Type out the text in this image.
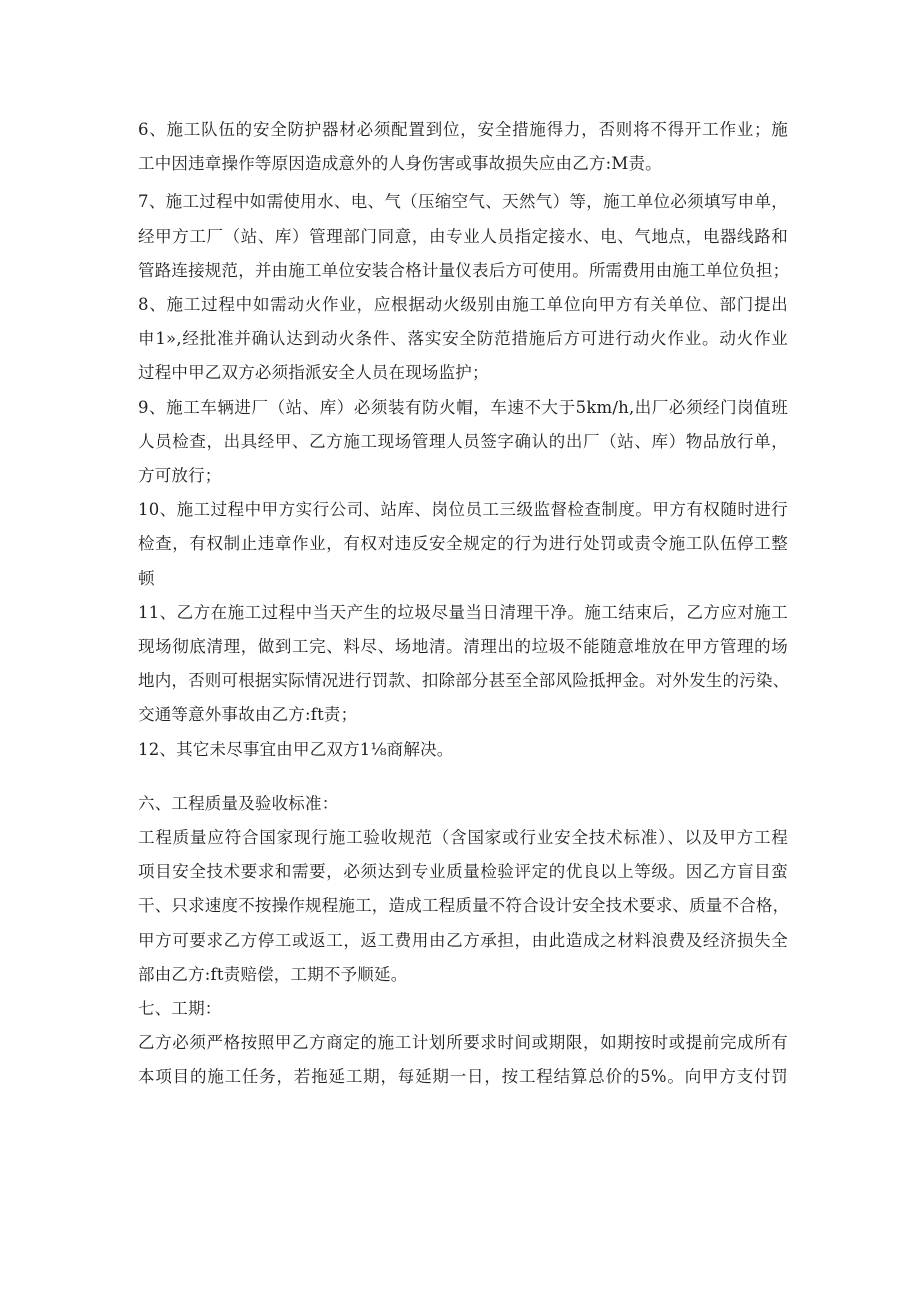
6、施工队伍的安全防护器材必须配置到位，安全措施得力，否则将不得开工作业；施
工中因违章操作等原因造成意外的人身伤害或事故损失应由乙方:M责。
7、施工过程中如需使用水、电、气（压缩空气、天然气）等，施工单位必须填写申单，
经甲方工厂（站、库）管理部门同意，由专业人员指定接水、电、气地点，电器线路和
管路连接规范，并由施工单位安装合格计量仪表后方可使用。所需费用由施工单位负担；
8、施工过程中如需动火作业，应根据动火级别由施工单位向甲方有关单位、部门提出
申1»,经批准并确认达到动火条件、落实安全防范措施后方可进行动火作业。动火作业
过程中甲乙双方必须指派安全人员在现场监护；
9、施工车辆进厂（站、库）必须装有防火帽，车速不大于5km∕h,出厂必须经门岗值班
人员检查，出具经甲、乙方施工现场管理人员签字确认的出厂（站、库）物品放行单，
方可放行；
10、施工过程中甲方实行公司、站库、岗位员工三级监督检查制度。甲方有权随时进行
检查，有权制止违章作业，有权对违反安全规定的行为进行处罚或责令施工队伍停工整
顿
11、乙方在施工过程中当天产生的垃圾尽量当日清理干净。施工结束后，乙方应对施工
现场彻底清理，做到工完、料尽、场地清。清理出的垃圾不能随意堆放在甲方管理的场
地内，否则可根据实际情况进行罚款、扣除部分甚至全部风险抵押金。对外发生的污染、
交通等意外事故由乙方:ft责；
12、其它未尽事宜由甲乙双方1⅛商解决。
六、工程质量及验收标准：
工程质量应符合国家现行施工验收规范（含国家或行业安全技术标准）、以及甲方工程
项目安全技术要求和需要，必须达到专业质量检验评定的优良以上等级。因乙方盲目蛮
干、只求速度不按操作规程施工，造成工程质量不符合设计安全技术要求、质量不合格，
甲方可要求乙方停工或返工，返工费用由乙方承担，由此造成之材料浪费及经济损失全
部由乙方:ft责赔偿，工期不予顺延。
七、工期：
乙方必须严格按照甲乙方商定的施工计划所要求时间或期限，如期按时或提前完成所有
本项目的施工任务，若拖延工期，每延期一日，按工程结算总价的5%。向甲方支付罚
